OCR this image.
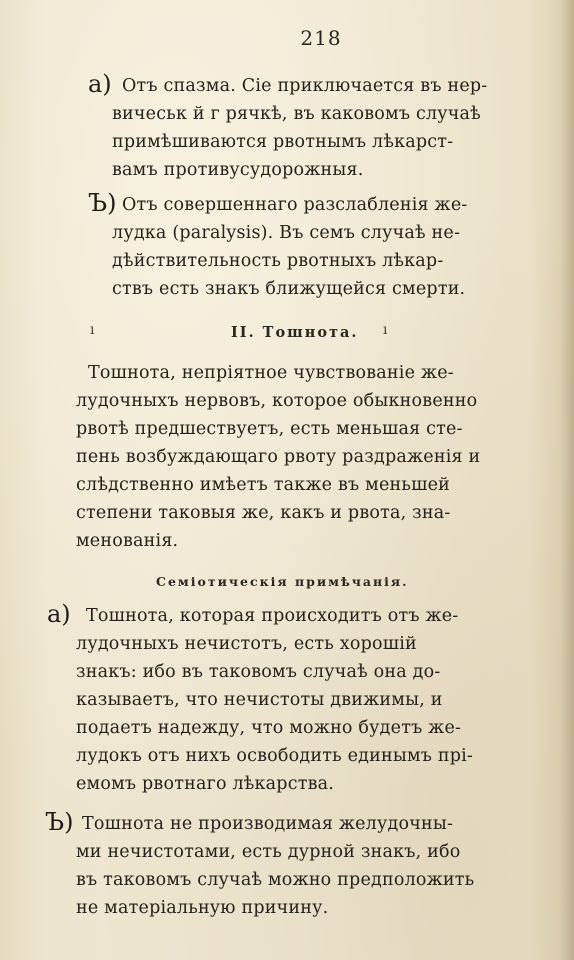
218
а) Отъ спазма. Сіе приключается въ нер-
вичеськ й г рячкѣ, въ каковомъ случаѣ
примѣшиваются рвотнымъ лѣкарст-
вамъ противусудорожныя.
Ъ) Отъ совершеннаго разслабленія же-
лудка (paralysis). Въ семъ случаѣ не-
дѣйствительность рвотныхъ лѣкар-
ствъ есть знакъ ближущейся смерти.
ı	II. Тошнота. ı
Тошнота, непріятное чувствованіе же-
лудочныхъ нервовъ, которое обыкновенно
рвотѣ предшествуетъ, есть меньшая сте-
пень возбуждающаго рвоту раздраженія и
слѣдственно имѣетъ также въ меньшей
степени таковыя же, какъ и рвота, зна-
менованія.
Семіотическія примѣчанія.
а) Тошнота, которая происходитъ отъ же-
лудочныхъ нечистотъ, есть хорошій
знакъ: ибо въ таковомъ случаѣ она до-
казываетъ, что нечистоты движимы, и
подаетъ надежду, что можно будетъ же-
лудокъ отъ нихъ освободить единымъ прі-
емомъ рвотнаго лѣкарства.
Ъ) Тошнота не производимая желудочны-
ми нечистотами, есть дурной знакъ, ибо
въ таковомъ случаѣ можно предположить
не матеріальную причину.
